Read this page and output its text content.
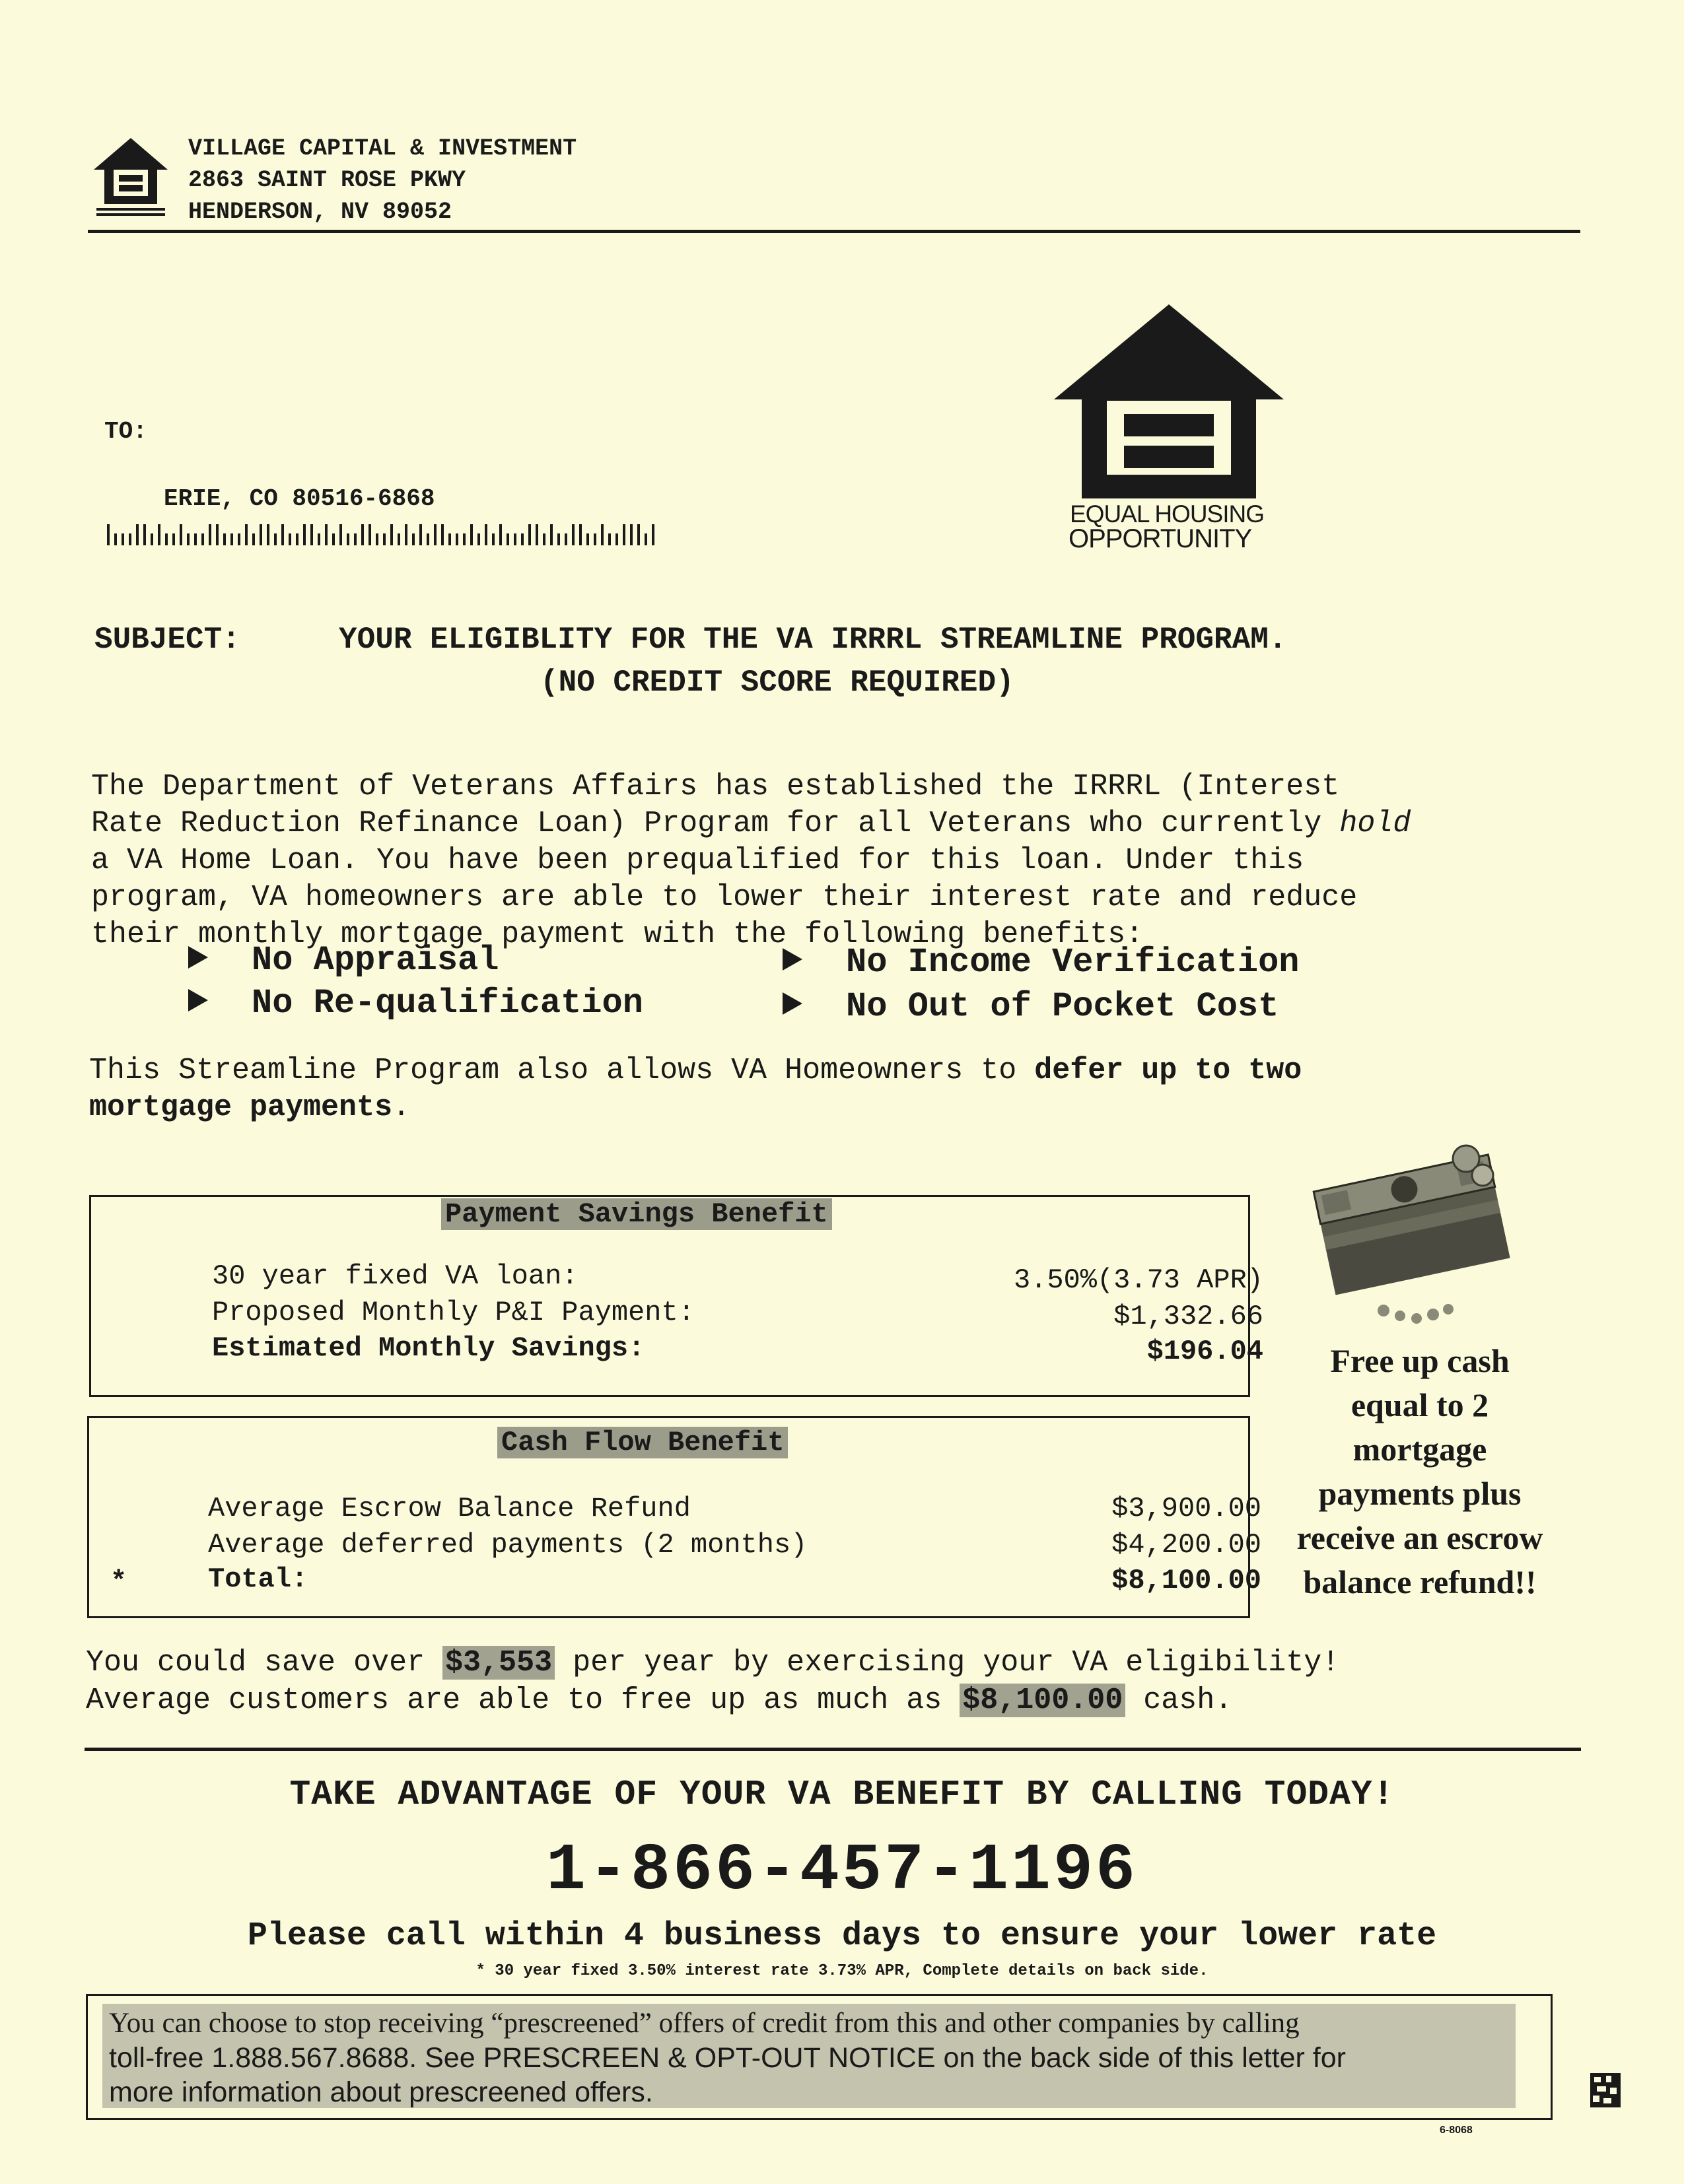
VILLAGE CAPITAL & INVESTMENT
2863 SAINT ROSE PKWY
HENDERSON, NV 89052
TO:
ERIE, CO 80516-6868
EQUAL HOUSING
OPPORTUNITY
SUBJECT:	YOUR ELIGIBLITY FOR THE VA IRRRL STREAMLINE PROGRAM.
(NO CREDIT SCORE REQUIRED)

The Department of Veterans Affairs has established the IRRRL (Interest
Rate Reduction Refinance Loan) Program for all Veterans who currently hold
a VA Home Loan. You have been prequalified for this loan. Under this
program, VA homeowners are able to lower their interest rate and reduce
their monthly mortgage payment with the following benefits:
No Appraisal	No Income Verification
No Re-qualification	No Out of Pocket Cost
This Streamline Program also allows VA Homeowners to defer up to two
mortgage payments.
Payment Savings Benefit
30 year fixed VA loan:	3.50%(3.73 APR)
Proposed Monthly P&I Payment:	$1,332.66
Estimated Monthly Savings:	$196.04
Cash Flow Benefit
Average Escrow Balance Refund	$3,900.00
Average deferred payments (2 months)	$4,200.00
*	Total:	$8,100.00
Free up cash
equal to 2
mortgage
payments plus
receive an escrow
balance refund!!
You could save over $3,553 per year by exercising your VA eligibility!
Average customers are able to free up as much as $8,100.00 cash.
TAKE ADVANTAGE OF YOUR VA BENEFIT BY CALLING TODAY!
1-866-457-1196
Please call within 4 business days to ensure your lower rate
* 30 year fixed 3.50% interest rate 3.73% APR, Complete details on back side.
You can choose to stop receiving “prescreened” offers of credit from this and other companies by calling
toll-free 1.888.567.8688. See PRESCREEN & OPT-OUT NOTICE on the back side of this letter for
more information about prescreened offers.
6-8068
